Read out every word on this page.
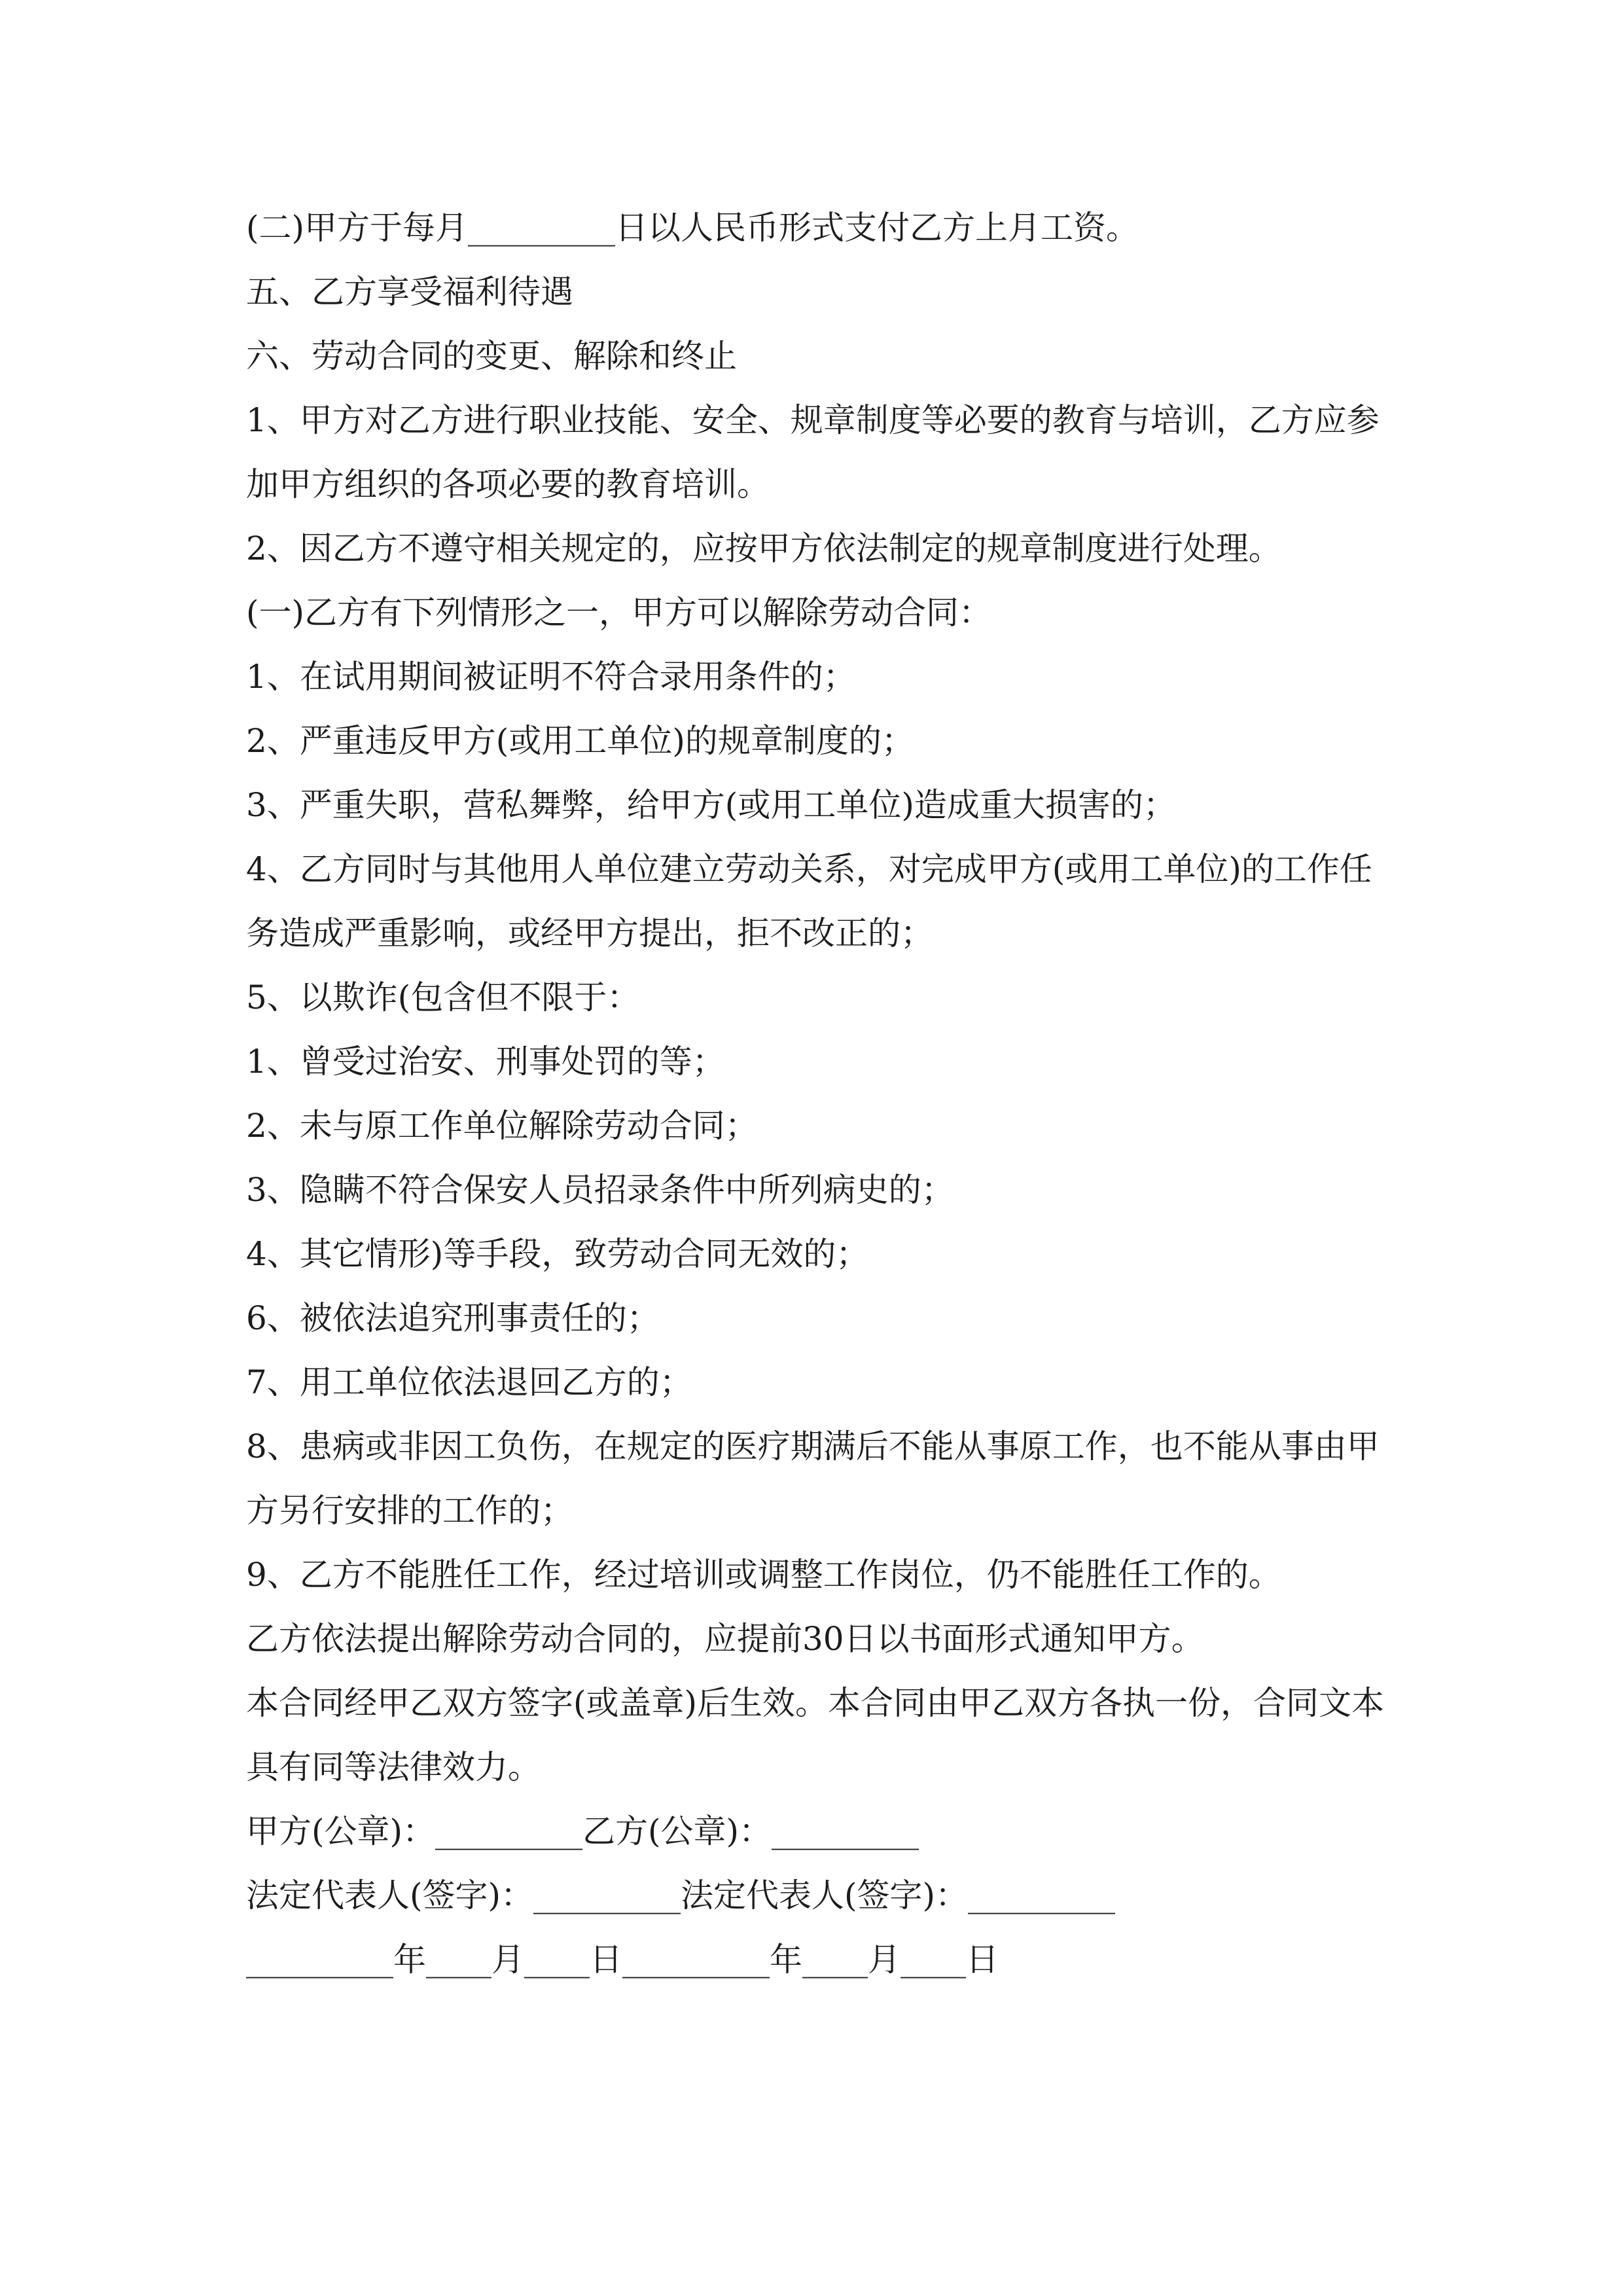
(二)甲方于每月_________日以人民币形式支付乙方上月工资。
五、乙方享受福利待遇
六、劳动合同的变更、解除和终止
1、甲方对乙方进行职业技能、安全、规章制度等必要的教育与培训，乙方应参
加甲方组织的各项必要的教育培训。
2、因乙方不遵守相关规定的，应按甲方依法制定的规章制度进行处理。
(一)乙方有下列情形之一，甲方可以解除劳动合同：
1、在试用期间被证明不符合录用条件的；
2、严重违反甲方(或用工单位)的规章制度的；
3、严重失职，营私舞弊，给甲方(或用工单位)造成重大损害的；
4、乙方同时与其他用人单位建立劳动关系，对完成甲方(或用工单位)的工作任
务造成严重影响，或经甲方提出，拒不改正的；
5、以欺诈(包含但不限于：
1、曾受过治安、刑事处罚的等；
2、未与原工作单位解除劳动合同；
3、隐瞒不符合保安人员招录条件中所列病史的；
4、其它情形)等手段，致劳动合同无效的；
6、被依法追究刑事责任的；
7、用工单位依法退回乙方的；
8、患病或非因工负伤，在规定的医疗期满后不能从事原工作，也不能从事由甲
方另行安排的工作的；
9、乙方不能胜任工作，经过培训或调整工作岗位，仍不能胜任工作的。
乙方依法提出解除劳动合同的，应提前30日以书面形式通知甲方。
本合同经甲乙双方签字(或盖章)后生效。本合同由甲乙双方各执一份，合同文本
具有同等法律效力。
甲方(公章)：_________乙方(公章)：_________
法定代表人(签字)：_________法定代表人(签字)：_________
_________年____月____日_________年____月____日
